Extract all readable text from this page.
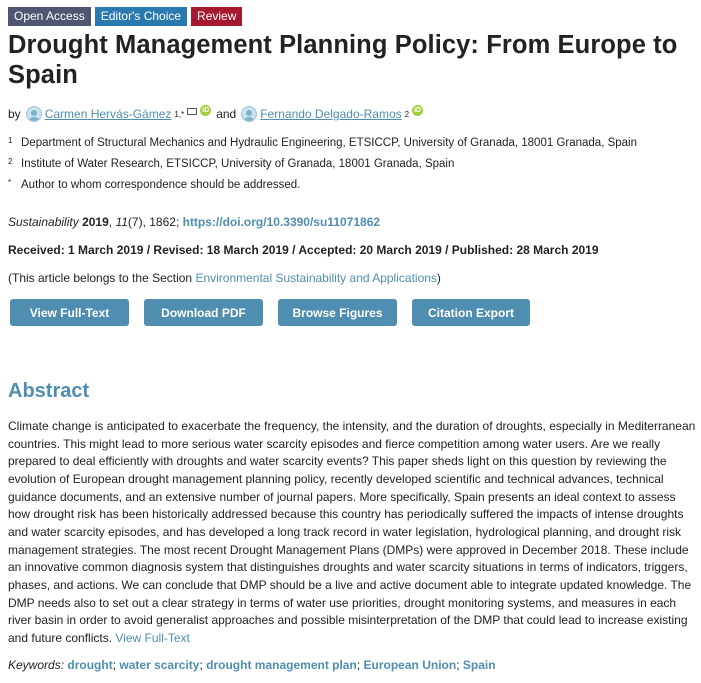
Open Access	Editor's Choice	Review
Drought Management Planning Policy: From Europe to Spain
by Carmen Hervás-Gámez 1,*	iD and Fernando Delgado-Ramos 2 iD
1 Department of Structural Mechanics and Hydraulic Engineering, ETSICCP, University of Granada, 18001 Granada, Spain
2 Institute of Water Research, ETSICCP, University of Granada, 18001 Granada, Spain
* Author to whom correspondence should be addressed.
Sustainability 2019, 11(7), 1862; https://doi.org/10.3390/su11071862
Received: 1 March 2019 / Revised: 18 March 2019 / Accepted: 20 March 2019 / Published: 28 March 2019
(This article belongs to the Section Environmental Sustainability and Applications)
View Full-Text	Download PDF	Browse Figures	Citation Export
Abstract
Climate change is anticipated to exacerbate the frequency, the intensity, and the duration of droughts, especially in Mediterranean countries. This might lead to more serious water scarcity episodes and fierce competition among water users. Are we really prepared to deal efficiently with droughts and water scarcity events? This paper sheds light on this question by reviewing the evolution of European drought management planning policy, recently developed scientific and technical advances, technical guidance documents, and an extensive number of journal papers. More specifically, Spain presents an ideal context to assess how drought risk has been historically addressed because this country has periodically suffered the impacts of intense droughts and water scarcity episodes, and has developed a long track record in water legislation, hydrological planning, and drought risk management strategies. The most recent Drought Management Plans (DMPs) were approved in December 2018. These include an innovative common diagnosis system that distinguishes droughts and water scarcity situations in terms of indicators, triggers, phases, and actions. We can conclude that DMP should be a live and active document able to integrate updated knowledge. The DMP needs also to set out a clear strategy in terms of water use priorities, drought monitoring systems, and measures in each river basin in order to avoid generalist approaches and possible misinterpretation of the DMP that could lead to increase existing and future conflicts. View Full-Text
Keywords: drought; water scarcity; drought management plan; European Union; Spain
